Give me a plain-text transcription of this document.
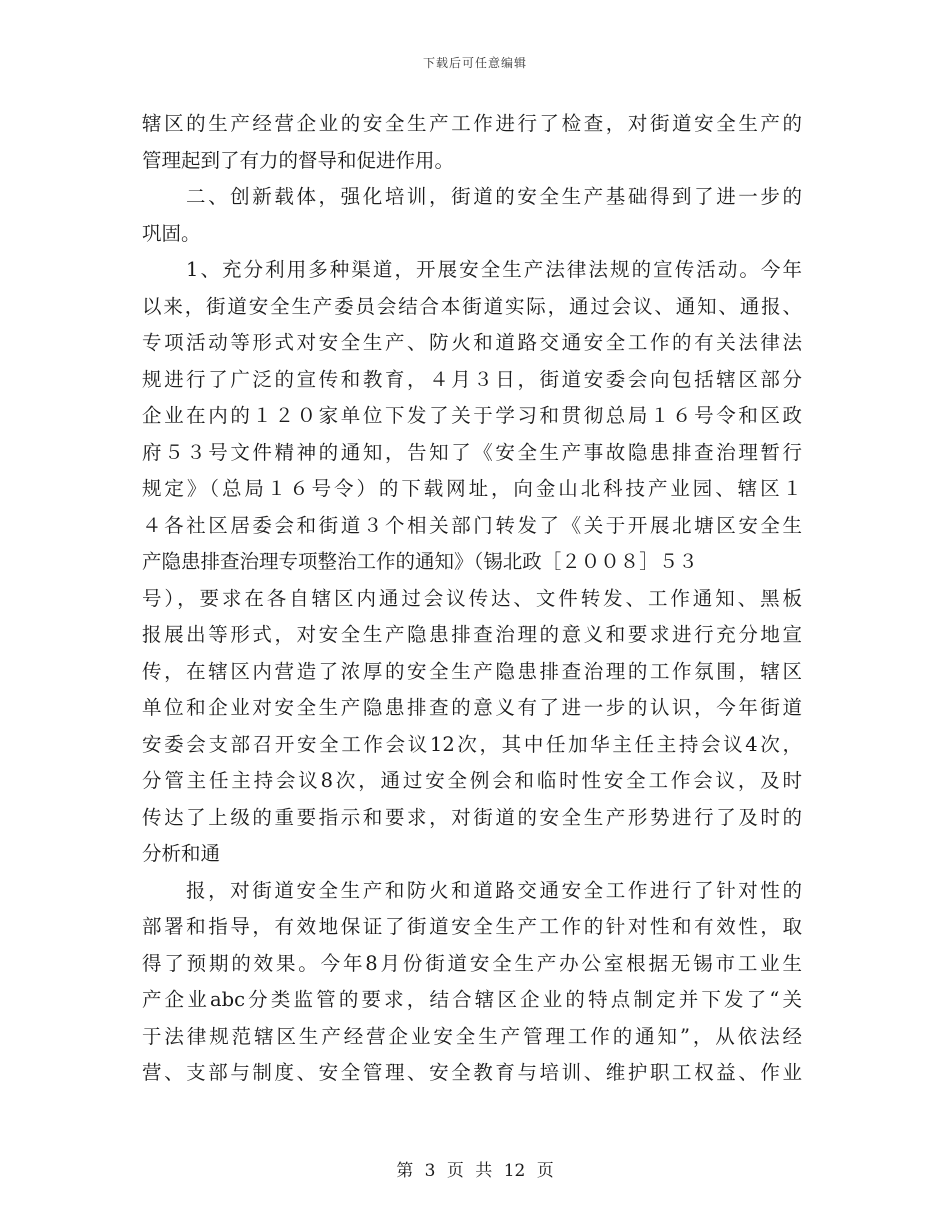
下载后可任意编辑
辖区的生产经营企业的安全生产工作进行了检查，对街道安全生产的
管理起到了有力的督导和促进作用。
二、创新载体，强化培训，街道的安全生产基础得到了进一步的
巩固。
1、充分利用多种渠道，开展安全生产法律法规的宣传活动。今年
以来，街道安全生产委员会结合本街道实际，通过会议、通知、通报、
专项活动等形式对安全生产、防火和道路交通安全工作的有关法律法
规进行了广泛的宣传和教育，４月３日，街道安委会向包括辖区部分
企业在内的１２０家单位下发了关于学习和贯彻总局１６号令和区政
府５３号文件精神的通知，告知了《安全生产事故隐患排查治理暂行
规定》（总局１６号令）的下载网址，向金山北科技产业园、辖区１
４各社区居委会和街道３个相关部门转发了《关于开展北塘区安全生
产隐患排查治理专项整治工作的通知》（锡北政［２００８］５３
号），要求在各自辖区内通过会议传达、文件转发、工作通知、黑板
报展出等形式，对安全生产隐患排查治理的意义和要求进行充分地宣
传，在辖区内营造了浓厚的安全生产隐患排查治理的工作氛围，辖区
单位和企业对安全生产隐患排查的意义有了进一步的认识，今年街道
安委会支部召开安全工作会议12次，其中任加华主任主持会议4次，
分管主任主持会议8次，通过安全例会和临时性安全工作会议，及时
传达了上级的重要指示和要求，对街道的安全生产形势进行了及时的
分析和通
报，对街道安全生产和防火和道路交通安全工作进行了针对性的
部署和指导，有效地保证了街道安全生产工作的针对性和有效性，取
得了预期的效果。今年8月份街道安全生产办公室根据无锡市工业生
产企业abc分类监管的要求，结合辖区企业的特点制定并下发了“关
于法律规范辖区生产经营企业安全生产管理工作的通知”，从依法经
营、支部与制度、安全管理、安全教育与培训、维护职工权益、作业
第 3 页 共 12 页
